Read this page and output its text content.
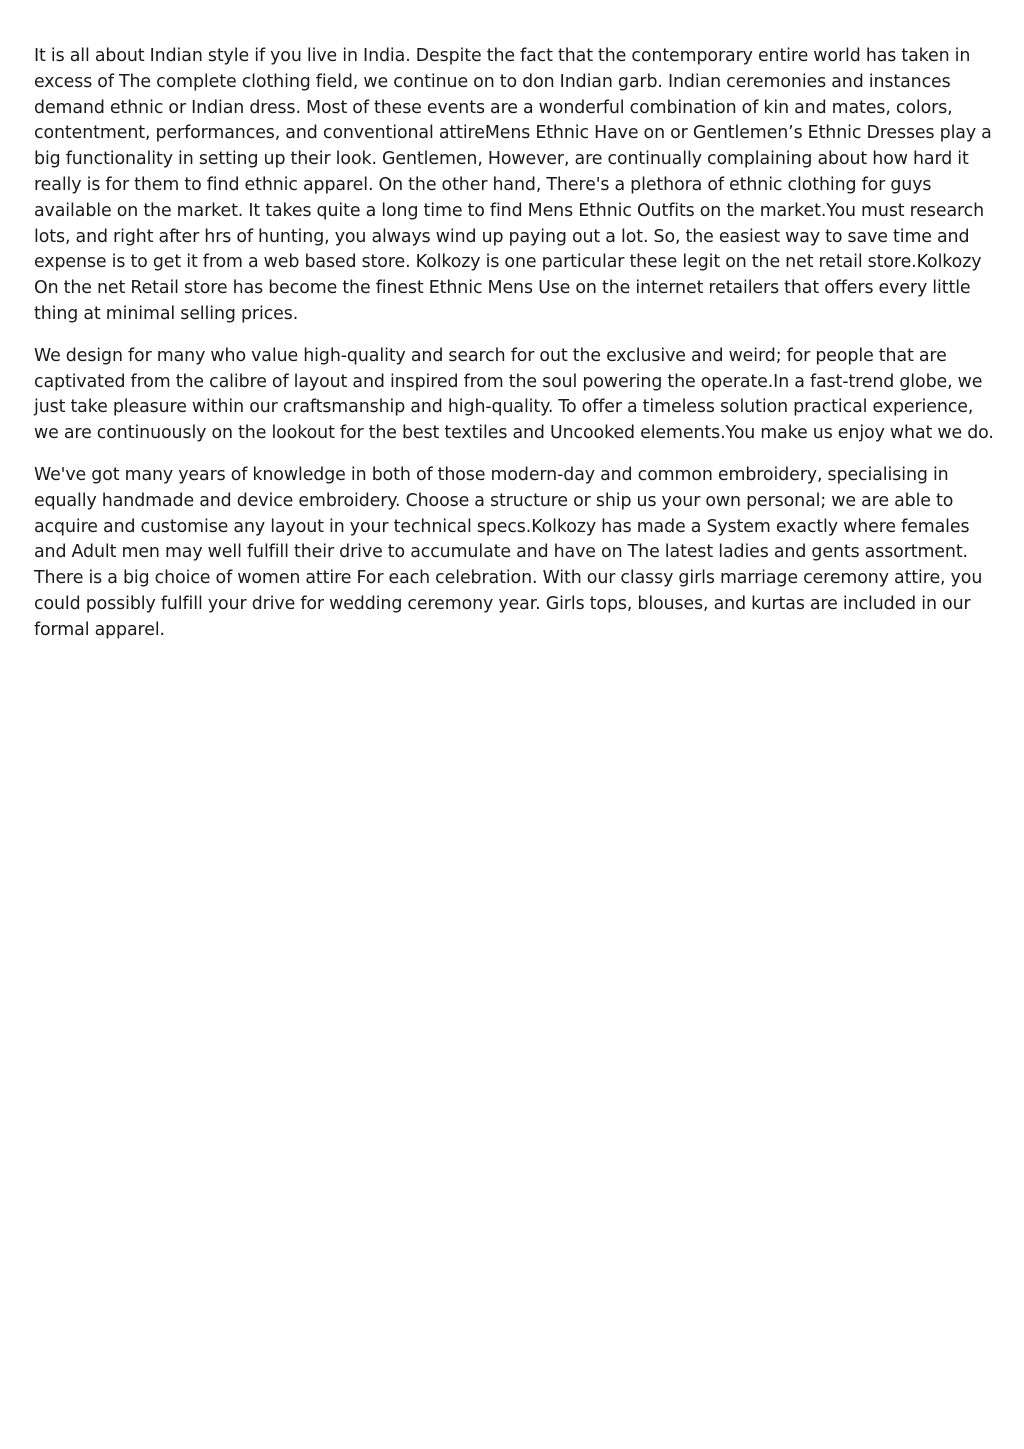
It is all about Indian style if you live in India. Despite the fact that the contemporary entire world has taken in excess of The complete clothing field, we continue on to don Indian garb. Indian ceremonies and instances demand ethnic or Indian dress. Most of these events are a wonderful combination of kin and mates, colors, contentment, performances, and conventional attireMens Ethnic Have on or Gentlemen’s Ethnic Dresses play a big functionality in setting up their look. Gentlemen, However, are continually complaining about how hard it really is for them to find ethnic apparel. On the other hand, There's a plethora of ethnic clothing for guys available on the market. It takes quite a long time to find Mens Ethnic Outfits on the market.You must research lots, and right after hrs of hunting, you always wind up paying out a lot. So, the easiest way to save time and expense is to get it from a web based store. Kolkozy is one particular these legit on the net retail store.Kolkozy On the net Retail store has become the finest Ethnic Mens Use on the internet retailers that offers every little thing at minimal selling prices.

We design for many who value high-quality and search for out the exclusive and weird; for people that are captivated from the calibre of layout and inspired from the soul powering the operate.In a fast-trend globe, we just take pleasure within our craftsmanship and high-quality. To offer a timeless solution practical experience, we are continuously on the lookout for the best textiles and Uncooked elements.You make us enjoy what we do.

We've got many years of knowledge in both of those modern-day and common embroidery, specialising in equally handmade and device embroidery. Choose a structure or ship us your own personal; we are able to acquire and customise any layout in your technical specs.Kolkozy has made a System exactly where females and Adult men may well fulfill their drive to accumulate and have on The latest ladies and gents assortment. There is a big choice of women attire For each celebration. With our classy girls marriage ceremony attire, you could possibly fulfill your drive for wedding ceremony year. Girls tops, blouses, and kurtas are included in our formal apparel.
